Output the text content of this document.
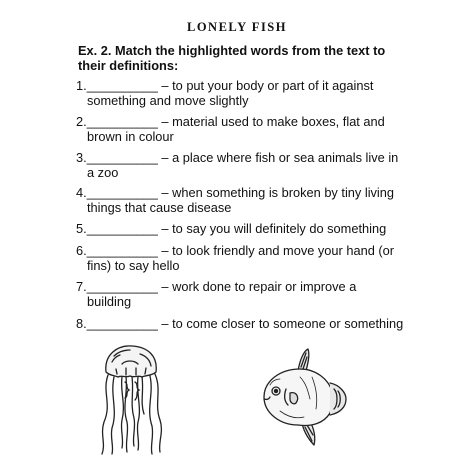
LONELY FISH
Ex. 2. Match the highlighted words from the text to their definitions:
1.__________ – to put your body or part of it against
something and move slightly
2.__________ – material used to make boxes, flat and
brown in colour
3.__________ – a place where fish or sea animals live in
a zoo
4.__________ – when something is broken by tiny living
things that cause disease
5.__________ – to say you will definitely do something
6.__________ – to look friendly and move your hand (or
fins) to say hello
7.__________ – work done to repair or improve a
building
8.__________ – to come closer to someone or something
